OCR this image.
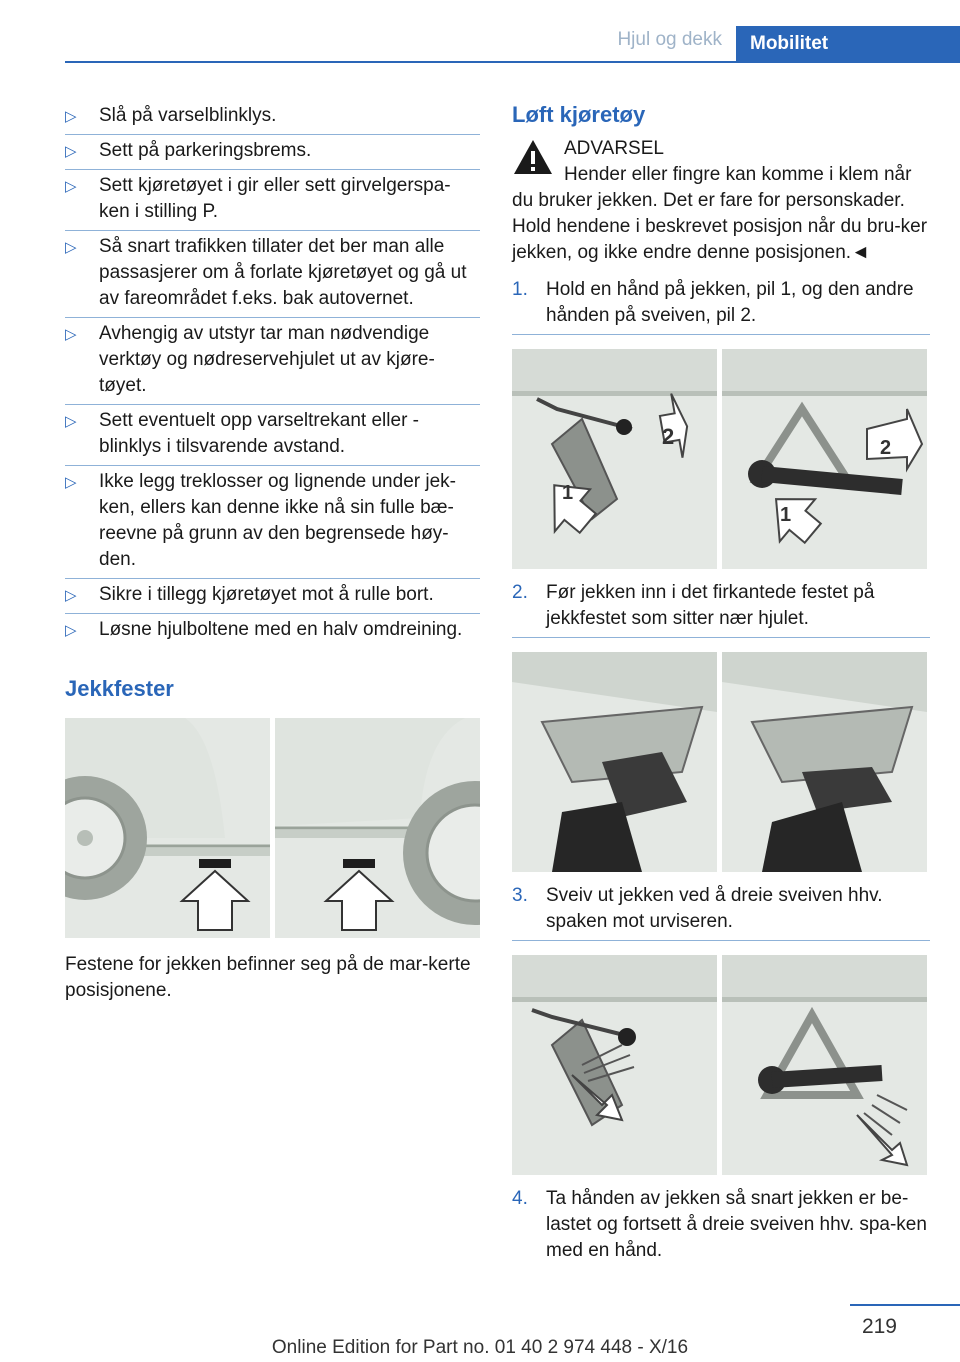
Hjul og dekk	Mobilitet
▷ Slå på varselblinklys.
▷ Sett på parkeringsbrems.
▷ Sett kjøretøyet i gir eller sett girvelgerspa-ken i stilling P.
▷ Så snart trafikken tillater det ber man alle passasjerer om å forlate kjøretøyet og gå ut av fareområdet f.eks. bak autovernet.
▷ Avhengig av utstyr tar man nødvendige verktøy og nødreservehjulet ut av kjøre-tøyet.
▷ Sett eventuelt opp varseltrekant eller -blinklys i tilsvarende avstand.
▷ Ikke legg treklosser og lignende under jek-ken, ellers kan denne ikke nå sin fulle bæ-reevne på grunn av den begrensede høy-den.
▷ Sikre i tillegg kjøretøyet mot å rulle bort.
▷ Løsne hjulboltene med en halv omdreining.
Jekkfester

Festene for jekken befinner seg på de mar-kerte posisjonene.

Løft kjøretøy
ADVARSEL
Hender eller fingre kan komme i klem når du bruker jekken. Det er fare for personskader. Hold hendene i beskrevet posisjon når du bru-ker jekken, og ikke endre denne posisjonen.◄
1. Hold en hånd på jekken, pil 1, og den andre hånden på sveiven, pil 2.
2
1
2
1
2. Før jekken inn i det firkantede festet på jekkfestet som sitter nær hjulet.
3. Sveiv ut jekken ved å dreie sveiven hhv. spaken mot urviseren.
4. Ta hånden av jekken så snart jekken er be-lastet og fortsett å dreie sveiven hhv. spa-ken med en hånd.
219
Online Edition for Part no. 01 40 2 974 448 - X/16
